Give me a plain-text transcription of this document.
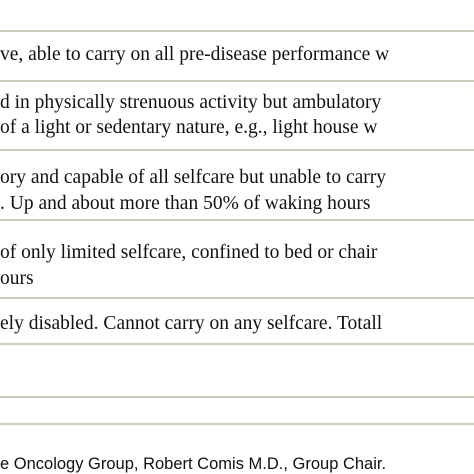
ve, able to carry on all pre-disease performance w
d in physically strenuous activity but ambulatory
of a light or sedentary nature, e.g., light house w
ory and capable of all selfcare but unable to carry
. Up and about more than 50% of waking hours
of only limited selfcare, confined to bed or chair
ours
ely disabled. Cannot carry on any selfcare. Totall
e Oncology Group, Robert Comis M.D., Group Chair.
